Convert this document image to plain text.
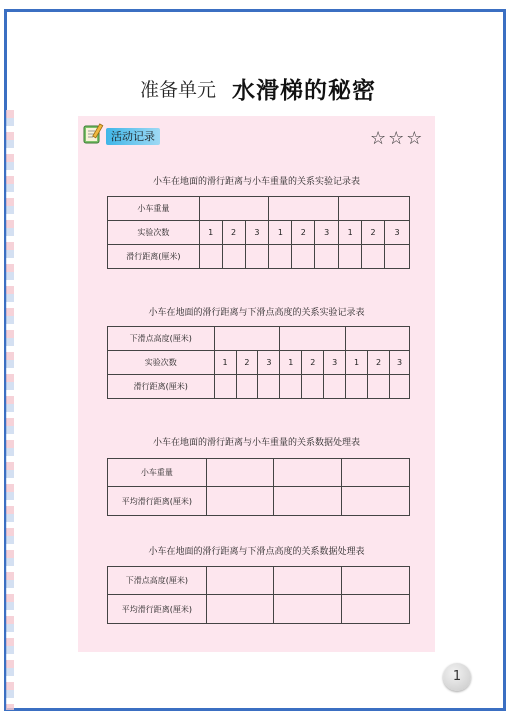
准备单元 水滑梯的秘密
活动记录	☆☆☆
小车在地面的滑行距离与小车重量的关系实验记录表
小车重量									
实验次数	1	2	3	1	2	3	1	2	3
滑行距离(厘米)									
小车在地面的滑行距离与下滑点高度的关系实验记录表
下滑点高度(厘米)									
实验次数	1	2	3	1	2	3	1	2	3
滑行距离(厘米)									
小车在地面的滑行距离与小车重量的关系数据处理表
小车重量			
平均滑行距离(厘米)			
小车在地面的滑行距离与下滑点高度的关系数据处理表
下滑点高度(厘米)			
平均滑行距离(厘米)			
1
